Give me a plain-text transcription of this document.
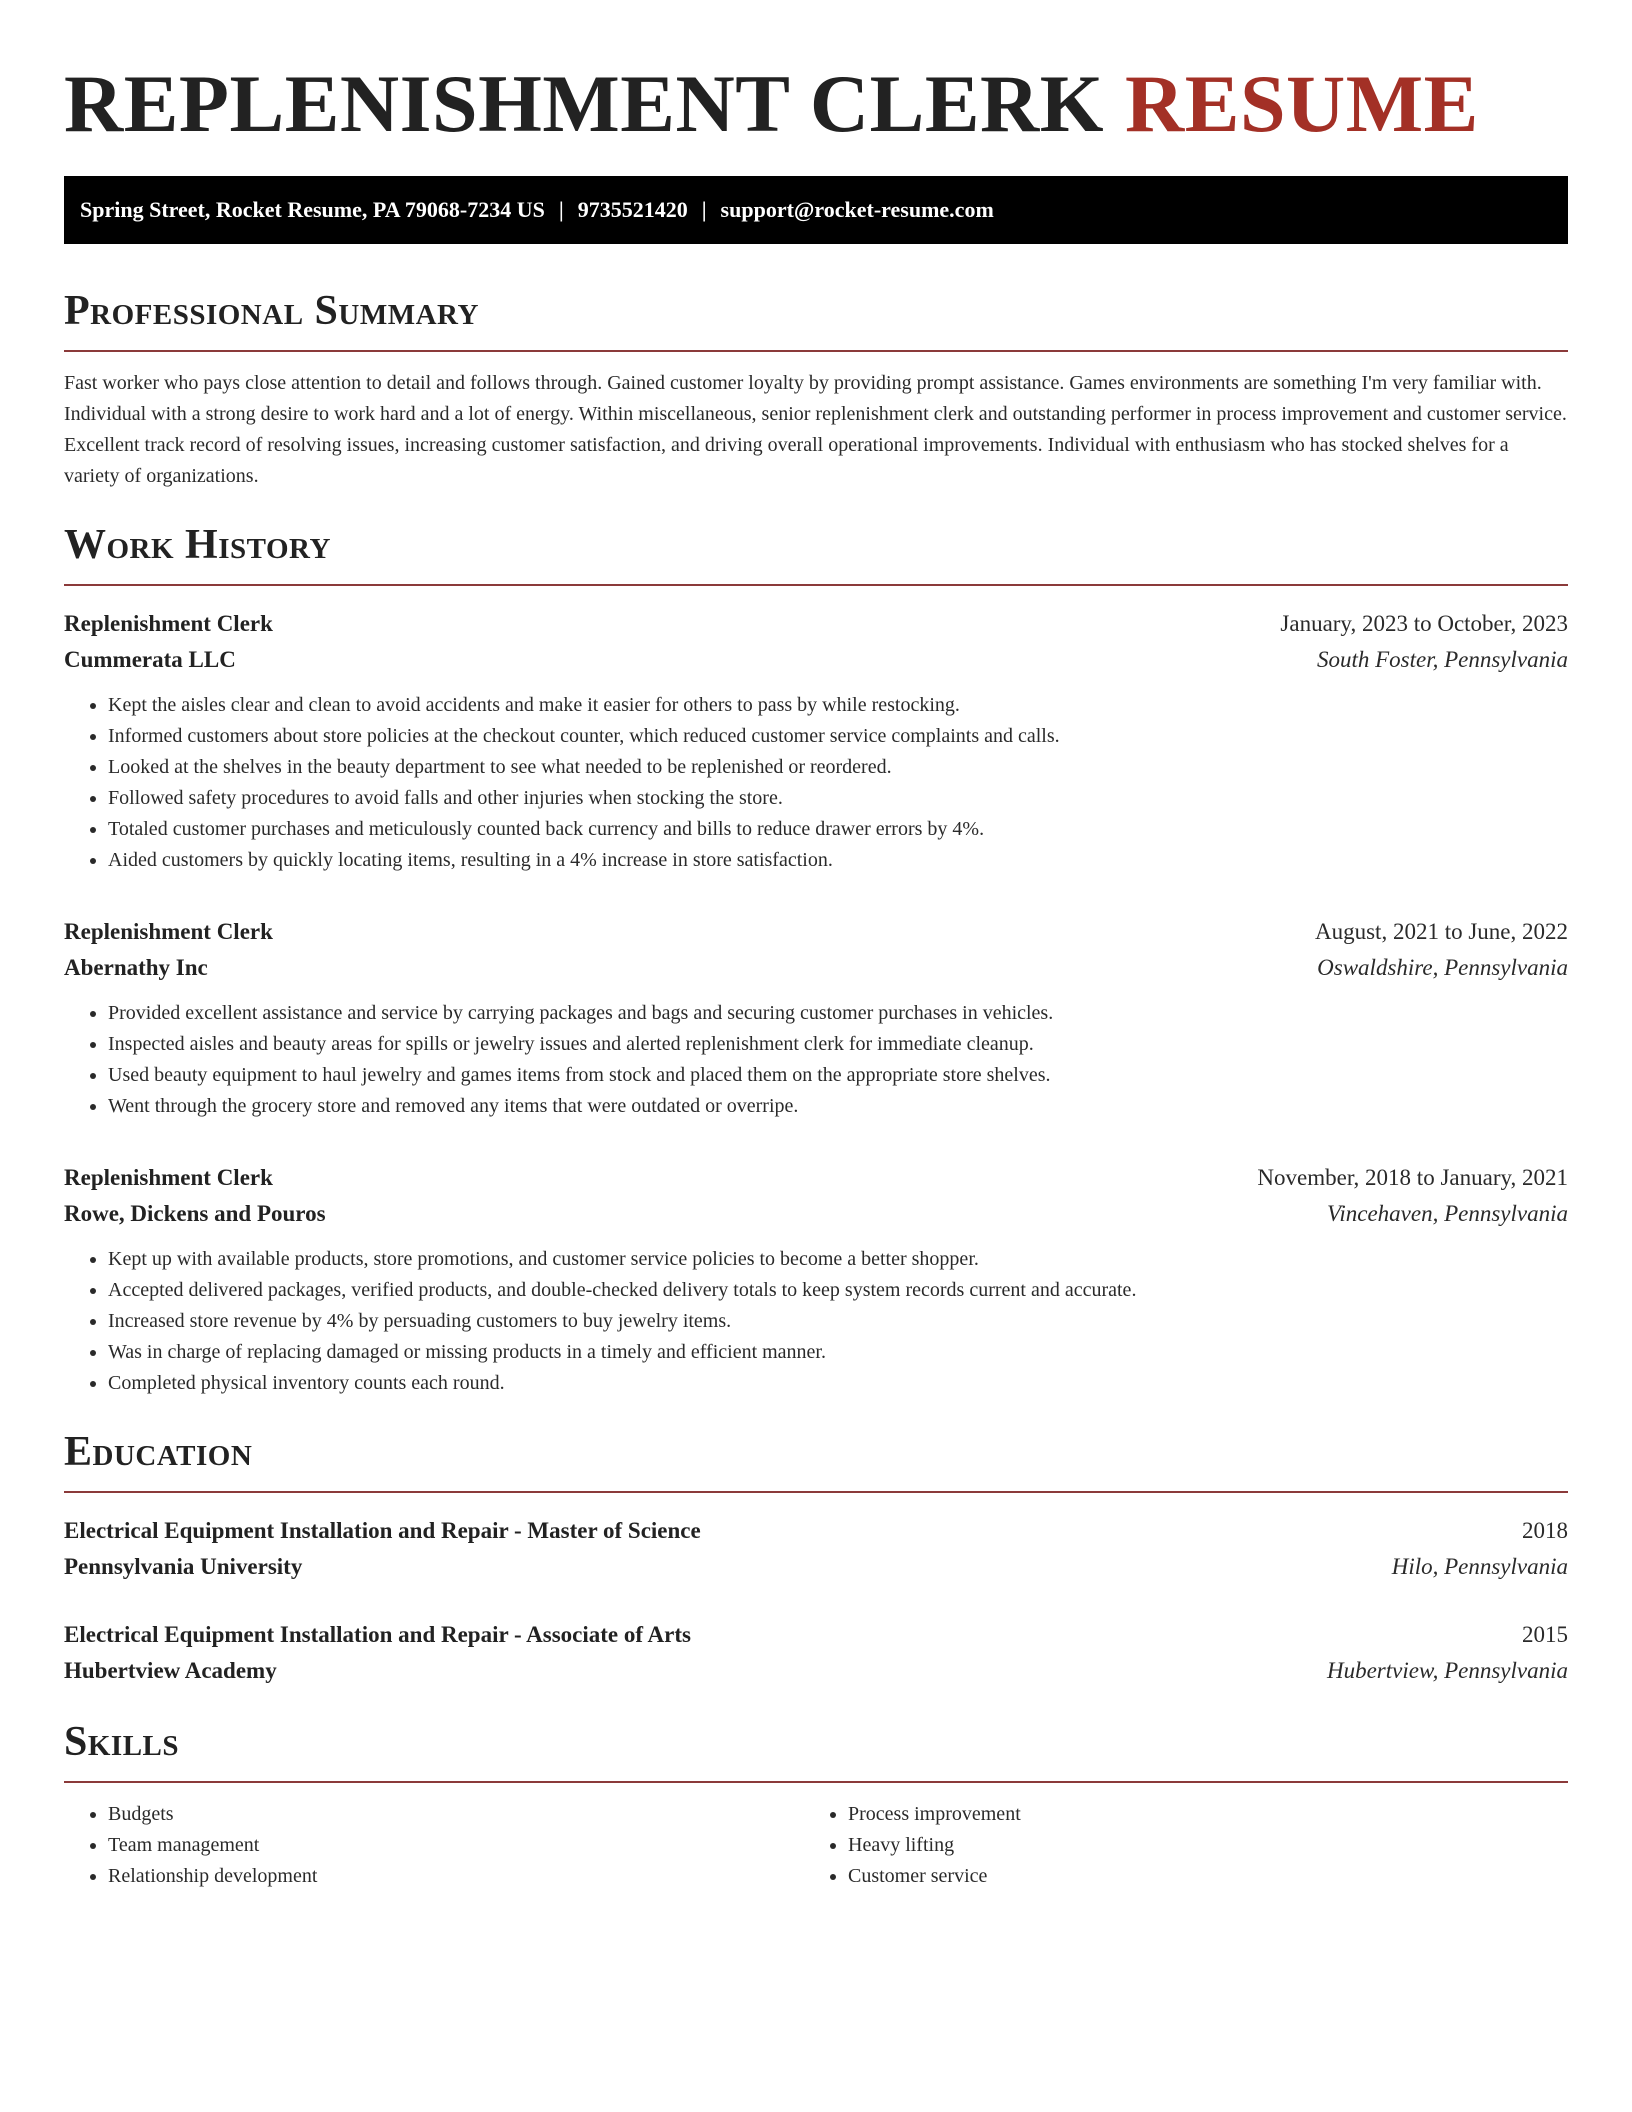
REPLENISHMENT CLERK RESUME
Spring Street, Rocket Resume, PA 79068-7234 US | 9735521420 | support@rocket-resume.com
Professional Summary

Fast worker who pays close attention to detail and follows through. Gained customer loyalty by providing prompt assistance. Games environments are something I'm very familiar with. Individual with a strong desire to work hard and a lot of energy. Within miscellaneous, senior replenishment clerk and outstanding performer in process improvement and customer service. Excellent track record of resolving issues, increasing customer satisfaction, and driving overall operational improvements. Individual with enthusiasm who has stocked shelves for a variety of organizations.

Work History
Replenishment Clerk	January, 2023 to October, 2023
Cummerata LLC	South Foster, Pennsylvania
• Kept the aisles clear and clean to avoid accidents and make it easier for others to pass by while restocking.
• Informed customers about store policies at the checkout counter, which reduced customer service complaints and calls.
• Looked at the shelves in the beauty department to see what needed to be replenished or reordered.
• Followed safety procedures to avoid falls and other injuries when stocking the store.
• Totaled customer purchases and meticulously counted back currency and bills to reduce drawer errors by 4%.
• Aided customers by quickly locating items, resulting in a 4% increase in store satisfaction.
Replenishment Clerk	August, 2021 to June, 2022
Abernathy Inc	Oswaldshire, Pennsylvania
• Provided excellent assistance and service by carrying packages and bags and securing customer purchases in vehicles.
• Inspected aisles and beauty areas for spills or jewelry issues and alerted replenishment clerk for immediate cleanup.
• Used beauty equipment to haul jewelry and games items from stock and placed them on the appropriate store shelves.
• Went through the grocery store and removed any items that were outdated or overripe.
Replenishment Clerk	November, 2018 to January, 2021
Rowe, Dickens and Pouros	Vincehaven, Pennsylvania
• Kept up with available products, store promotions, and customer service policies to become a better shopper.
• Accepted delivered packages, verified products, and double-checked delivery totals to keep system records current and accurate.
• Increased store revenue by 4% by persuading customers to buy jewelry items.
• Was in charge of replacing damaged or missing products in a timely and efficient manner.
• Completed physical inventory counts each round.
Education
Electrical Equipment Installation and Repair - Master of Science	2018
Pennsylvania University	Hilo, Pennsylvania
Electrical Equipment Installation and Repair - Associate of Arts	2015
Hubertview Academy	Hubertview, Pennsylvania
Skills
• Budgets
• Team management
• Relationship development
• Process improvement
• Heavy lifting
• Customer service
